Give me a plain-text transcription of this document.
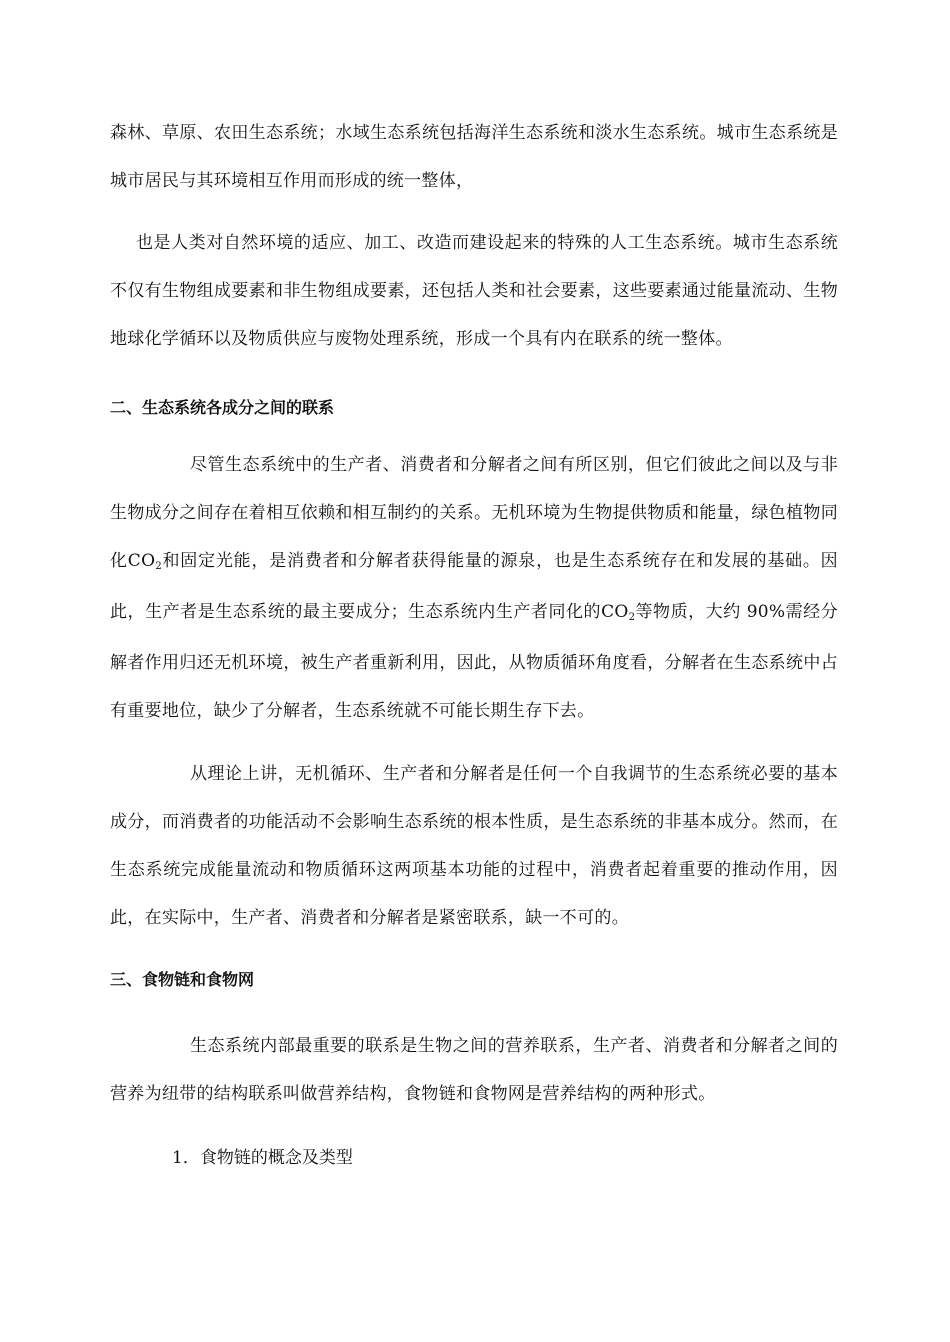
森林、草原、农田生态系统；水域生态系统包括海洋生态系统和淡水生态系统。城市生态系统是城市居民与其环境相互作用而形成的统一整体，

也是人类对自然环境的适应、加工、改造而建设起来的特殊的人工生态系统。城市生态系统不仅有生物组成要素和非生物组成要素，还包括人类和社会要素，这些要素通过能量流动、生物地球化学循环以及物质供应与废物处理系统，形成一个具有内在联系的统一整体。

二、生态系统各成分之间的联系

尽管生态系统中的生产者、消费者和分解者之间有所区别，但它们彼此之间以及与非生物成分之间存在着相互依赖和相互制约的关系。无机环境为生物提供物质和能量，绿色植物同化$CO_2$和固定光能，是消费者和分解者获得能量的源泉，也是生态系统存在和发展的基础。因此，生产者是生态系统的最主要成分；生态系统内生产者同化的$CO_2$等物质，大约 90%需经分解者作用归还无机环境，被生产者重新利用，因此，从物质循环角度看，分解者在生态系统中占有重要地位，缺少了分解者，生态系统就不可能长期生存下去。

从理论上讲，无机循环、生产者和分解者是任何一个自我调节的生态系统必要的基本成分，而消费者的功能活动不会影响生态系统的根本性质，是生态系统的非基本成分。然而，在生态系统完成能量流动和物质循环这两项基本功能的过程中，消费者起着重要的推动作用，因此，在实际中，生产者、消费者和分解者是紧密联系，缺一不可的。

三、食物链和食物网

生态系统内部最重要的联系是生物之间的营养联系，生产者、消费者和分解者之间的营养为纽带的结构联系叫做营养结构，食物链和食物网是营养结构的两种形式。

1．食物链的概念及类型
